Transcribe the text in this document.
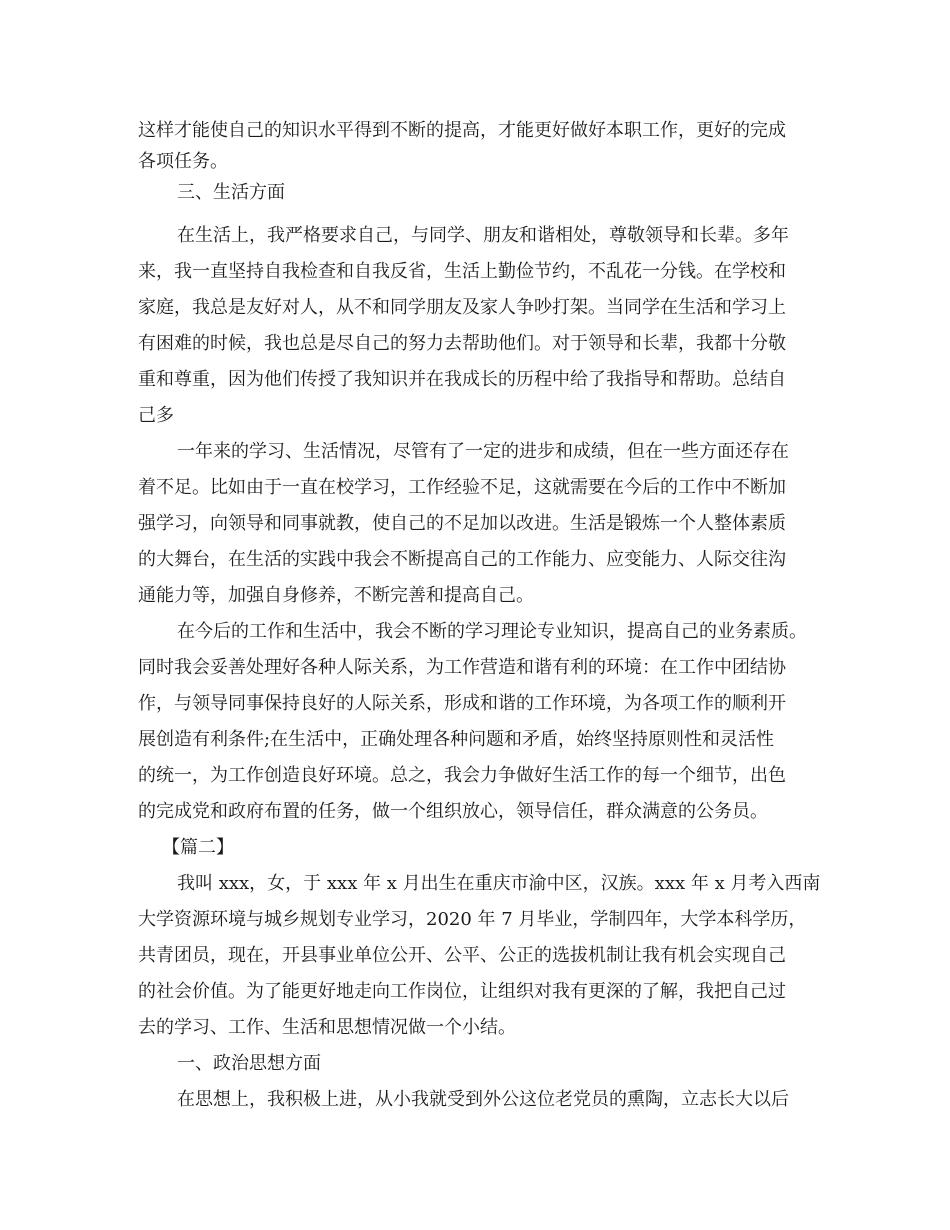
这样才能使自己的知识水平得到不断的提高，才能更好做好本职工作，更好的完成
各项任务。
三、生活方面
在生活上，我严格要求自己，与同学、朋友和谐相处，尊敬领导和长辈。多年
来，我一直坚持自我检查和自我反省，生活上勤俭节约，不乱花一分钱。在学校和
家庭，我总是友好对人，从不和同学朋友及家人争吵打架。当同学在生活和学习上
有困难的时候，我也总是尽自己的努力去帮助他们。对于领导和长辈，我都十分敬
重和尊重，因为他们传授了我知识并在我成长的历程中给了我指导和帮助。总结自
己多
一年来的学习、生活情况，尽管有了一定的进步和成绩，但在一些方面还存在
着不足。比如由于一直在校学习，工作经验不足，这就需要在今后的工作中不断加
强学习，向领导和同事就教，使自己的不足加以改进。生活是锻炼一个人整体素质
的大舞台，在生活的实践中我会不断提高自己的工作能力、应变能力、人际交往沟
通能力等，加强自身修养，不断完善和提高自己。
在今后的工作和生活中，我会不断的学习理论专业知识，提高自己的业务素质。
同时我会妥善处理好各种人际关系，为工作营造和谐有利的环境：在工作中团结协
作，与领导同事保持良好的人际关系，形成和谐的工作环境，为各项工作的顺利开
展创造有利条件;在生活中，正确处理各种问题和矛盾，始终坚持原则性和灵活性
的统一，为工作创造良好环境。总之，我会力争做好生活工作的每一个细节，出色
的完成党和政府布置的任务，做一个组织放心，领导信任，群众满意的公务员。
【篇二】
我叫 xxx，女，于 xxx 年 x 月出生在重庆市渝中区，汉族。xxx 年 x 月考入西南
大学资源环境与城乡规划专业学习，2020 年 7 月毕业，学制四年，大学本科学历，
共青团员，现在，开县事业单位公开、公平、公正的选拔机制让我有机会实现自己
的社会价值。为了能更好地走向工作岗位，让组织对我有更深的了解，我把自己过
去的学习、工作、生活和思想情况做一个小结。
一、政治思想方面
在思想上，我积极上进，从小我就受到外公这位老党员的熏陶，立志长大以后
